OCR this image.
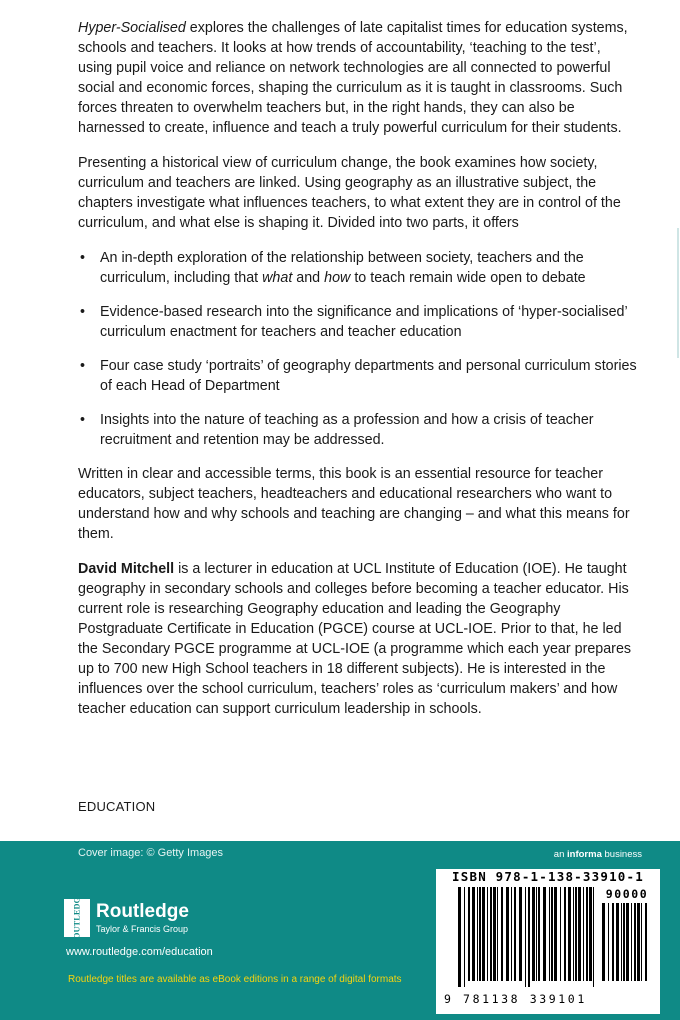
Hyper-Socialised explores the challenges of late capitalist times for education systems, schools and teachers. It looks at how trends of accountability, ‘teaching to the test’, using pupil voice and reliance on network technologies are all connected to powerful social and economic forces, shaping the curriculum as it is taught in classrooms. Such forces threaten to overwhelm teachers but, in the right hands, they can also be harnessed to create, influence and teach a truly powerful curriculum for their students.

Presenting a historical view of curriculum change, the book examines how society, curriculum and teachers are linked. Using geography as an illustrative subject, the chapters investigate what influences teachers, to what extent they are in control of the curriculum, and what else is shaping it. Divided into two parts, it offers

• An in-depth exploration of the relationship between society, teachers and the curriculum, including that what and how to teach remain wide open to debate
• Evidence-based research into the significance and implications of ‘hyper-socialised’ curriculum enactment for teachers and teacher education
• Four case study ‘portraits’ of geography departments and personal curriculum stories of each Head of Department
• Insights into the nature of teaching as a profession and how a crisis of teacher recruitment and retention may be addressed.

Written in clear and accessible terms, this book is an essential resource for teacher educators, subject teachers, headteachers and educational researchers who want to understand how and why schools and teaching are changing – and what this means for them.

David Mitchell is a lecturer in education at UCL Institute of Education (IOE). He taught geography in secondary schools and colleges before becoming a teacher educator. His current role is researching Geography education and leading the Geography Postgraduate Certificate in Education (PGCE) course at UCL-IOE. Prior to that, he led the Secondary PGCE programme at UCL-IOE (a programme which each year prepares up to 700 new High School teachers in 18 different subjects). He is interested in the influences over the school curriculum, teachers’ roles as ‘curriculum makers’ and how teacher education can support curriculum leadership in schools.

EDUCATION
Cover image: © Getty Images	an informa business
ROUTLEDGE Routledge
Taylor & Francis Group
www.routledge.com/education
Routledge titles are available as eBook editions in a range of digital formats
ISBN 978-1-138-33910-1
90000
9 781138 339101
